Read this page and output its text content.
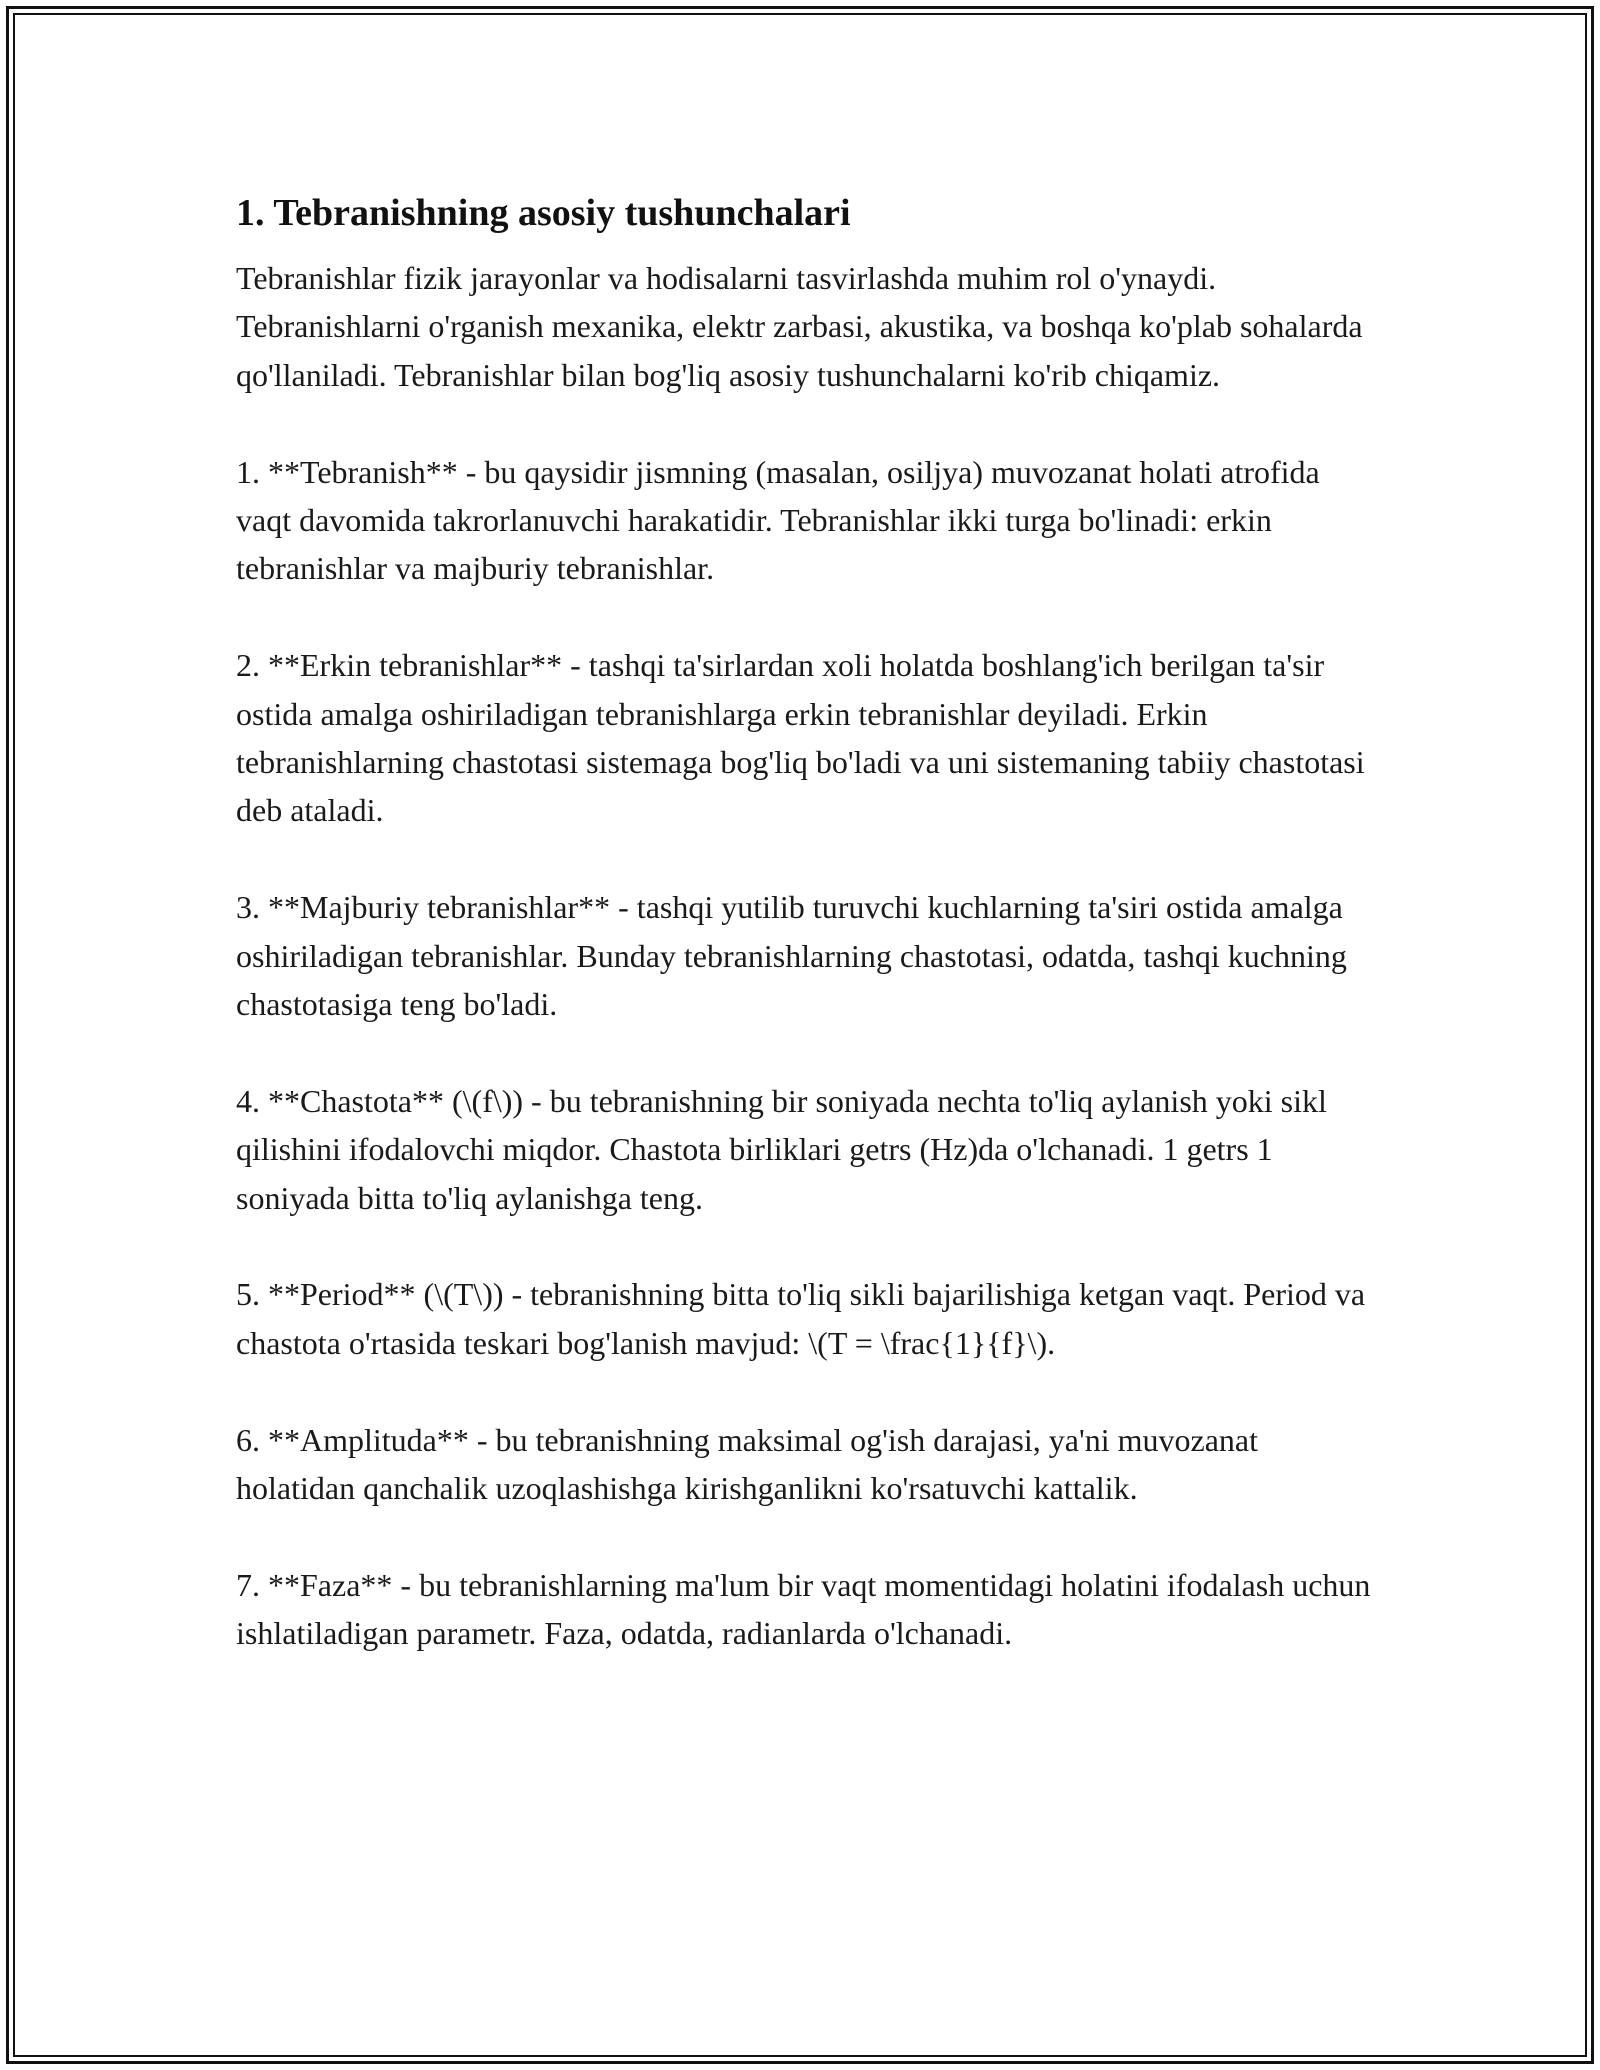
1. Tebranishning asosiy tushunchalari

Tebranishlar fizik jarayonlar va hodisalarni tasvirlashda muhim rol o'ynaydi. Tebranishlarni o'rganish mexanika, elektr zarbasi, akustika, va boshqa ko'plab sohalarda qo'llaniladi. Tebranishlar bilan bog'liq asosiy tushunchalarni ko'rib chiqamiz.

1. **Tebranish** - bu qaysidir jismning (masalan, osiljya) muvozanat holati atrofida vaqt davomida takrorlanuvchi harakatidir. Tebranishlar ikki turga bo'linadi: erkin tebranishlar va majburiy tebranishlar.

2. **Erkin tebranishlar** - tashqi ta'sirlardan xoli holatda boshlang'ich berilgan ta'sir ostida amalga oshiriladigan tebranishlarga erkin tebranishlar deyiladi. Erkin tebranishlarning chastotasi sistemaga bog'liq bo'ladi va uni sistemaning tabiiy chastotasi deb ataladi.

3. **Majburiy tebranishlar** - tashqi yutilib turuvchi kuchlarning ta'siri ostida amalga oshiriladigan tebranishlar. Bunday tebranishlarning chastotasi, odatda, tashqi kuchning chastotasiga teng bo'ladi.

4. **Chastota** (\(f\)) - bu tebranishning bir soniyada nechta to'liq aylanish yoki sikl qilishini ifodalovchi miqdor. Chastota birliklari getrs (Hz)da o'lchanadi. 1 getrs 1 soniyada bitta to'liq aylanishga teng.

5. **Period** (\(T\)) - tebranishning bitta to'liq sikli bajarilishiga ketgan vaqt. Period va chastota o'rtasida teskari bog'lanish mavjud: \(T = \frac{1}{f}\).

6. **Amplituda** - bu tebranishning maksimal og'ish darajasi, ya'ni muvozanat holatidan qanchalik uzoqlashishga kirishganlikni ko'rsatuvchi kattalik.

7. **Faza** - bu tebranishlarning ma'lum bir vaqt momentidagi holatini ifodalash uchun ishlatiladigan parametr. Faza, odatda, radianlarda o'lchanadi.
